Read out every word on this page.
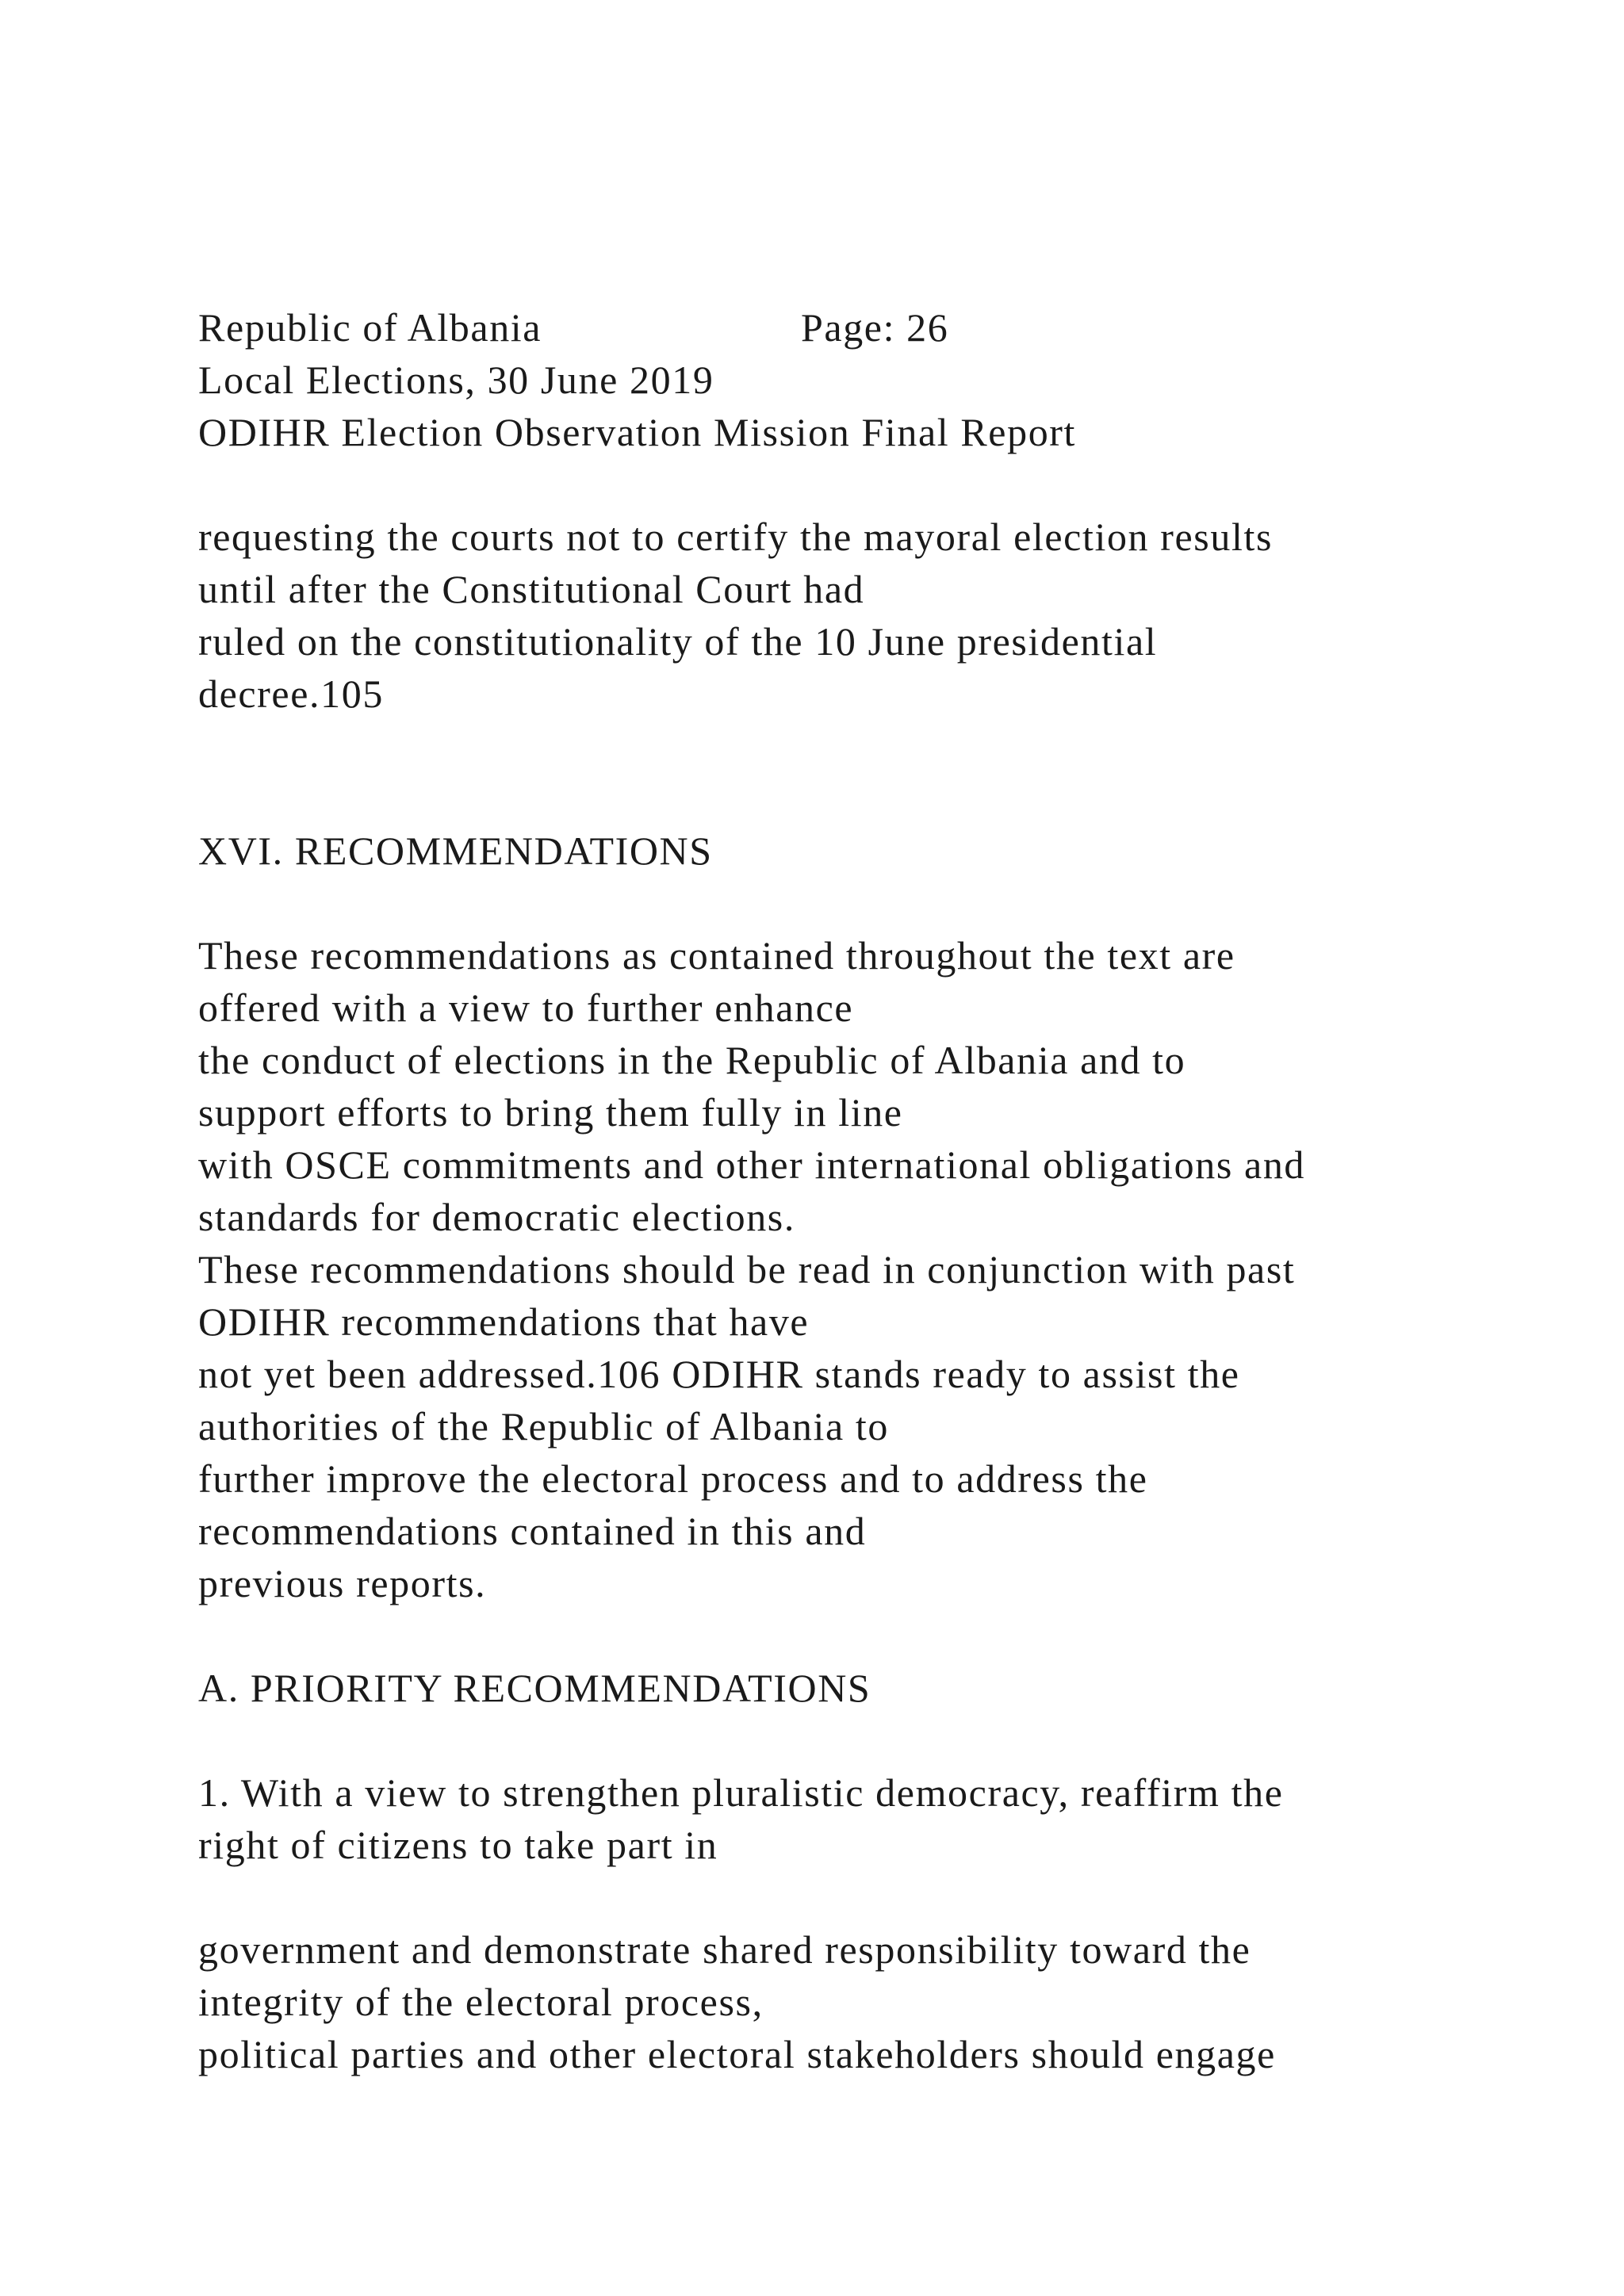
Republic of Albania	Page: 26
Local Elections, 30 June 2019
ODIHR Election Observation Mission Final Report
requesting the courts not to certify the mayoral election results
until after the Constitutional Court had
ruled on the constitutionality of the 10 June presidential
decree.105
XVI. RECOMMENDATIONS
These recommendations as contained throughout the text are
offered with a view to further enhance
the conduct of elections in the Republic of Albania and to
support efforts to bring them fully in line
with OSCE commitments and other international obligations and
standards for democratic elections.
These recommendations should be read in conjunction with past
ODIHR recommendations that have
not yet been addressed.106 ODIHR stands ready to assist the
authorities of the Republic of Albania to
further improve the electoral process and to address the
recommendations contained in this and
previous reports.
A. PRIORITY RECOMMENDATIONS
1. With a view to strengthen pluralistic democracy, reaffirm the
right of citizens to take part in
government and demonstrate shared responsibility toward the
integrity of the electoral process,
political parties and other electoral stakeholders should engage
